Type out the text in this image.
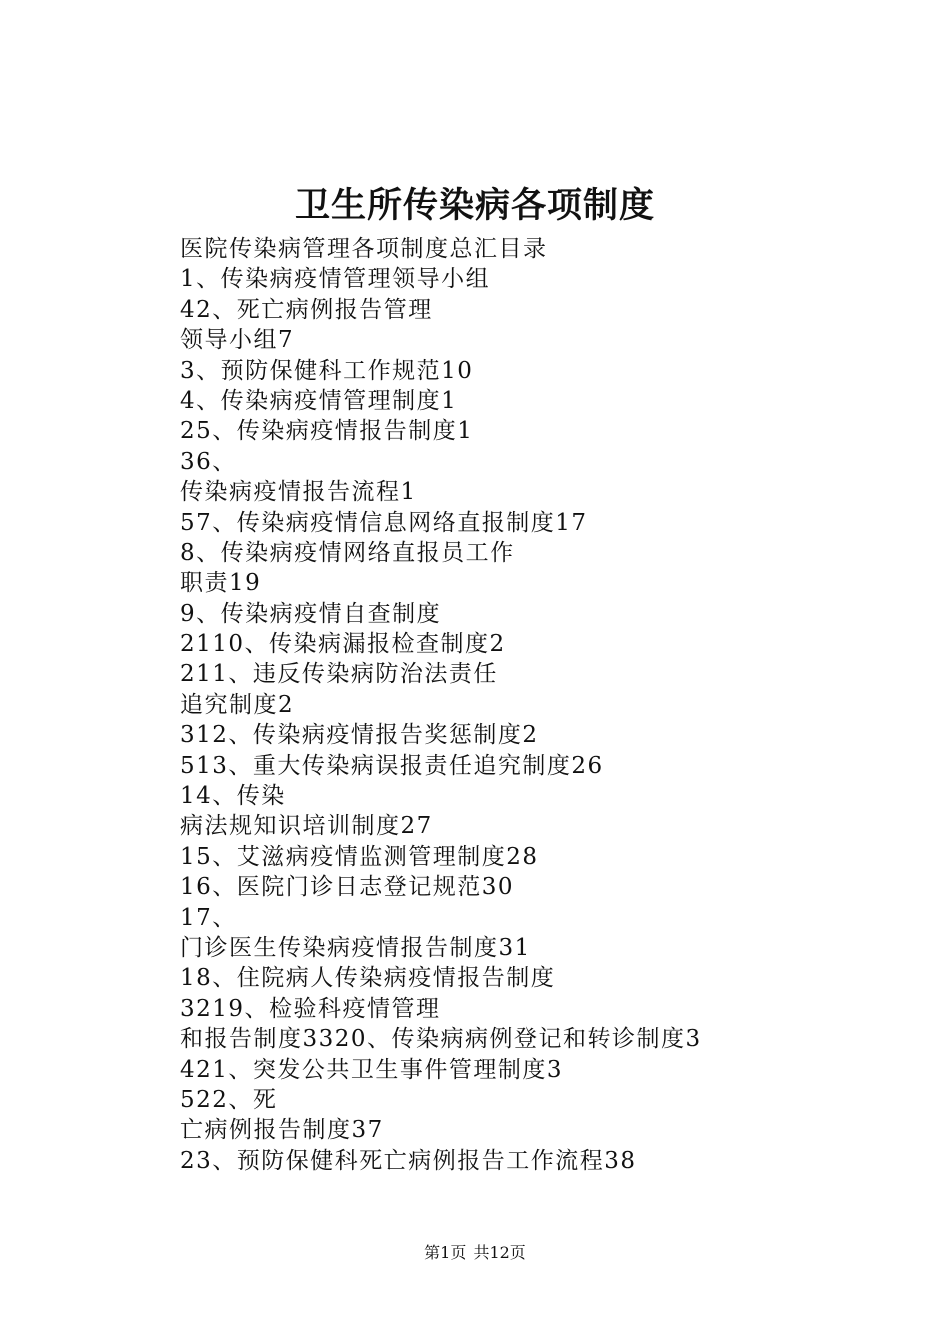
卫生所传染病各项制度
医院传染病管理各项制度总汇目录
1、传染病疫情管理领导小组
42、死亡病例报告管理
领导小组7
3、预防保健科工作规范10
4、传染病疫情管理制度1
25、传染病疫情报告制度1
36、
传染病疫情报告流程1
57、传染病疫情信息网络直报制度17
8、传染病疫情网络直报员工作
职责19
9、传染病疫情自查制度
2110、传染病漏报检查制度2
211、违反传染病防治法责任
追究制度2
312、传染病疫情报告奖惩制度2
513、重大传染病误报责任追究制度26
14、传染
病法规知识培训制度27
15、艾滋病疫情监测管理制度28
16、医院门诊日志登记规范30
17、
门诊医生传染病疫情报告制度31
18、住院病人传染病疫情报告制度
3219、检验科疫情管理
和报告制度3320、传染病病例登记和转诊制度3
421、突发公共卫生事件管理制度3
522、死
亡病例报告制度37
23、预防保健科死亡病例报告工作流程38
第1页 共12页
